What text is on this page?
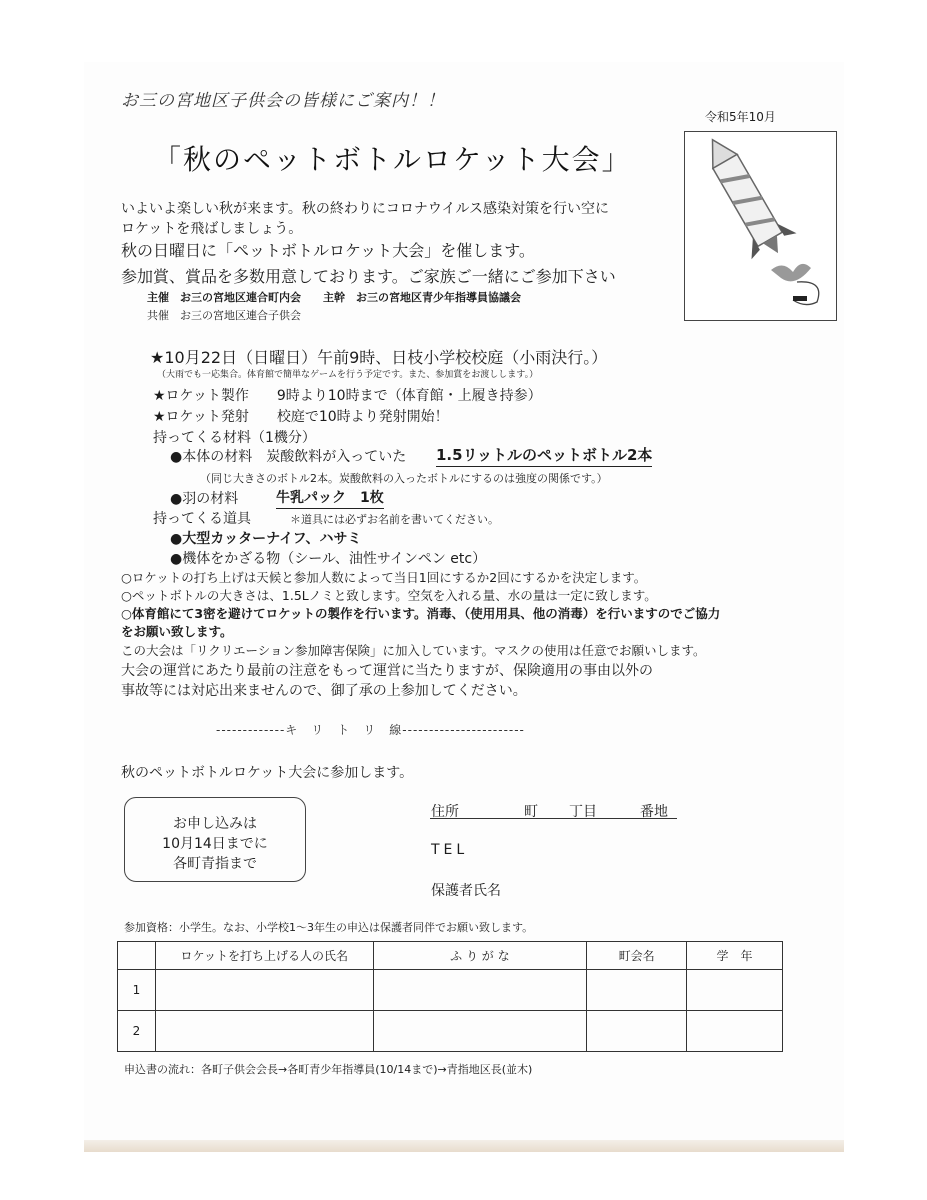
お三の宮地区子供会の皆様にご案内！！
令和5年10月
「秋のペットボトルロケット大会」
いよいよ楽しい秋が来ます。秋の終わりにコロナウイルス感染対策を行い空に
ロケットを飛ばしましょう。
秋の日曜日に「ペットボトルロケット大会」を催します。
参加賞、賞品を多数用意しております。ご家族ご一緒にご参加下さい
主催　お三の宮地区連合町内会　　主幹　お三の宮地区青少年指導員協議会
共催　お三の宮地区連合子供会
★10月22日（日曜日）午前9時、日枝小学校校庭（小雨決行。）
（大雨でも一応集合。体育館で簡単なゲームを行う予定です。また、参加賞をお渡しします。）
★ロケット製作　　9時より10時まで（体育館・上履き持参）
★ロケット発射　　校庭で10時より発射開始！
持ってくる材料（1機分）
●本体の材料　炭酸飲料が入っていた 1.5リットルのペットボトル2本
（同じ大きさのボトル2本。炭酸飲料の入ったボトルにするのは強度の関係です。）
●羽の材料	牛乳パック　1枚
持ってくる道具	＊道具には必ずお名前を書いてください。
●大型カッターナイフ、ハサミ
●機体をかざる物（シール、油性サインペン etc）
○ロケットの打ち上げは天候と参加人数によって当日1回にするか2回にするかを決定します。
○ペットボトルの大きさは、1.5Lノミと致します。空気を入れる量、水の量は一定に致します。
○体育館にて3密を避けてロケットの製作を行います。消毒、（使用用具、他の消毒）を行いますのでご協力
をお願い致します。
この大会は「リクリエーション参加障害保険」に加入しています。マスクの使用は任意でお願いします。
大会の運営にあたり最前の注意をもって運営に当たりますが、保険適用の事由以外の
事故等には対応出来ませんので、御了承の上参加してください。
-------------キ　リ　ト　リ　線-----------------------
秋のペットボトルロケット大会に参加します。
お申し込みは
10月14日までに
各町青指まで
住所	町 丁目	番地
TEL
保護者氏名
参加資格：小学生。なお、小学校1～3年生の申込は保護者同伴でお願い致します。
	ロケットを打ち上げる人の氏名	ふ り が な	町会名	学　年
1				
2				
申込書の流れ：各町子供会会長→各町青少年指導員(10/14まで)→青指地区長(並木)
